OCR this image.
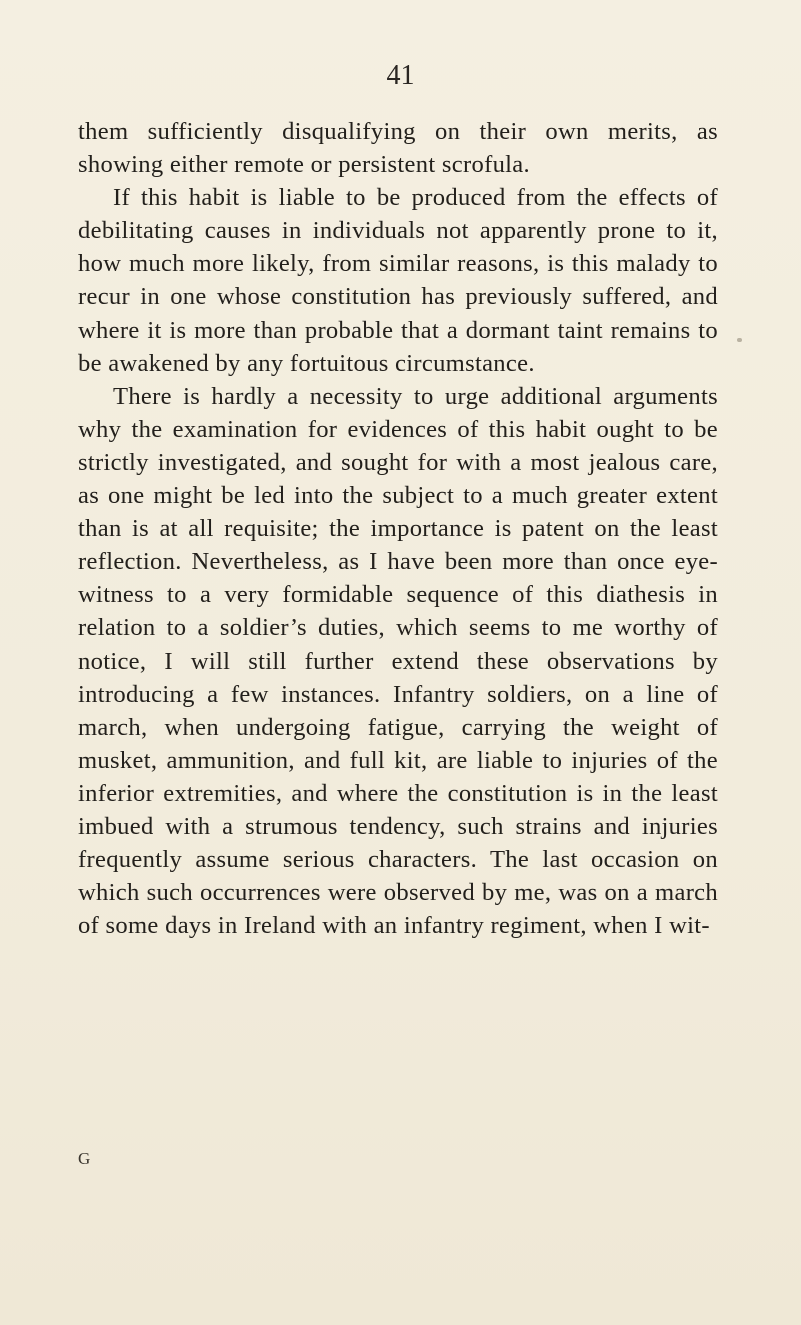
41

them sufficiently disqualifying on their own merits, as showing either remote or persistent scrofula.

If this habit is liable to be produced from the effects of debilitating causes in individuals not apparently prone to it, how much more likely, from similar reasons, is this malady to recur in one whose constitution has previously suffered, and where it is more than probable that a dormant taint remains to be awakened by any fortuitous circumstance.

There is hardly a necessity to urge additional arguments why the examination for evidences of this habit ought to be strictly investigated, and sought for with a most jealous care, as one might be led into the subject to a much greater extent than is at all requisite; the importance is patent on the least reflection. Nevertheless, as I have been more than once eye-witness to a very formidable sequence of this diathesis in relation to a soldier’s duties, which seems to me worthy of notice, I will still further extend these observations by introducing a few instances. Infantry soldiers, on a line of march, when undergoing fatigue, carrying the weight of musket, ammunition, and full kit, are liable to injuries of the inferior extremities, and where the constitution is in the least imbued with a strumous tendency, such strains and injuries frequently assume serious characters. The last occasion on which such occurrences were observed by me, was on a march of some days in Ireland with an infantry regiment, when I wit-

G
